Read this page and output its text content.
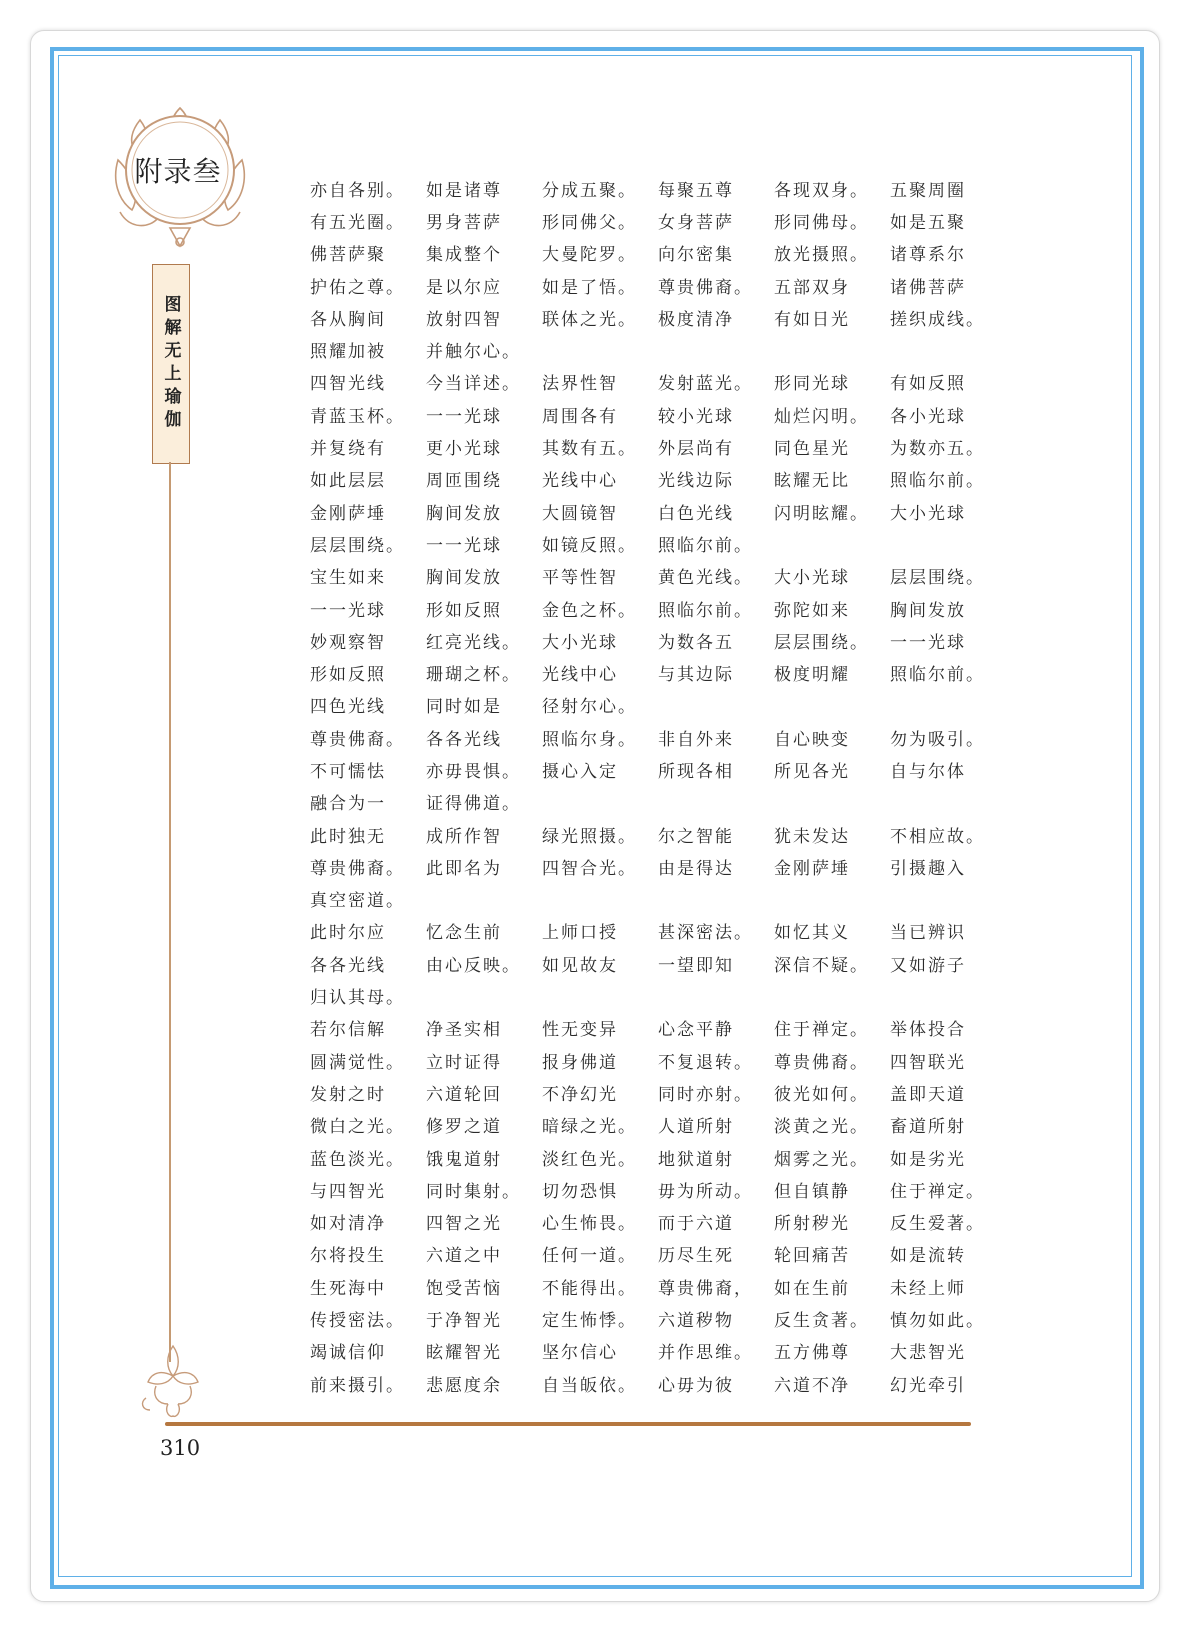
附录叁
图解无上瑜伽
亦自各别。	如是诸尊	分成五聚。	每聚五尊	各现双身。	五聚周圈
有五光圈。	男身菩萨	形同佛父。	女身菩萨	形同佛母。	如是五聚
佛菩萨聚	集成整个	大曼陀罗。	向尔密集	放光摄照。	诸尊系尔
护佑之尊。	是以尔应	如是了悟。	尊贵佛裔。	五部双身	诸佛菩萨
各从胸间	放射四智	联体之光。	极度清净	有如日光	搓织成线。
照耀加被	并触尔心。
四智光线	今当详述。	法界性智	发射蓝光。	形同光球	有如反照
青蓝玉杯。	一一光球	周围各有	较小光球	灿烂闪明。	各小光球
并复绕有	更小光球	其数有五。	外层尚有	同色星光	为数亦五。
如此层层	周匝围绕	光线中心	光线边际	眩耀无比	照临尔前。
金刚萨埵	胸间发放	大圆镜智	白色光线	闪明眩耀。	大小光球
层层围绕。	一一光球	如镜反照。	照临尔前。
宝生如来	胸间发放	平等性智	黄色光线。	大小光球	层层围绕。
一一光球	形如反照	金色之杯。	照临尔前。	弥陀如来	胸间发放
妙观察智	红亮光线。	大小光球	为数各五	层层围绕。	一一光球
形如反照	珊瑚之杯。	光线中心	与其边际	极度明耀	照临尔前。
四色光线	同时如是	径射尔心。
尊贵佛裔。	各各光线	照临尔身。	非自外来	自心映变	勿为吸引。
不可懦怯	亦毋畏惧。	摄心入定	所现各相	所见各光	自与尔体
融合为一	证得佛道。
此时独无	成所作智	绿光照摄。	尔之智能	犹未发达	不相应故。
尊贵佛裔。	此即名为	四智合光。	由是得达	金刚萨埵	引摄趣入
真空密道。
此时尔应	忆念生前	上师口授	甚深密法。	如忆其义	当已辨识
各各光线	由心反映。	如见故友	一望即知	深信不疑。	又如游子
归认其母。
若尔信解	净圣实相	性无变异	心念平静	住于禅定。	举体投合
圆满觉性。	立时证得	报身佛道	不复退转。	尊贵佛裔。	四智联光
发射之时	六道轮回	不净幻光	同时亦射。	彼光如何。	盖即天道
微白之光。	修罗之道	暗绿之光。	人道所射	淡黄之光。	畜道所射
蓝色淡光。	饿鬼道射	淡红色光。	地狱道射	烟雾之光。	如是劣光
与四智光	同时集射。	切勿恐惧	毋为所动。	但自镇静	住于禅定。
如对清净	四智之光	心生怖畏。	而于六道	所射秽光	反生爱著。
尔将投生	六道之中	任何一道。	历尽生死	轮回痛苦	如是流转
生死海中	饱受苦恼	不能得出。	尊贵佛裔，	如在生前	未经上师
传授密法。	于净智光	定生怖悸。	六道秽物	反生贪著。	慎勿如此。
竭诚信仰	眩耀智光	坚尔信心	并作思维。	五方佛尊	大悲智光
前来摄引。	悲愿度余	自当皈依。	心毋为彼	六道不净	幻光牵引
310
